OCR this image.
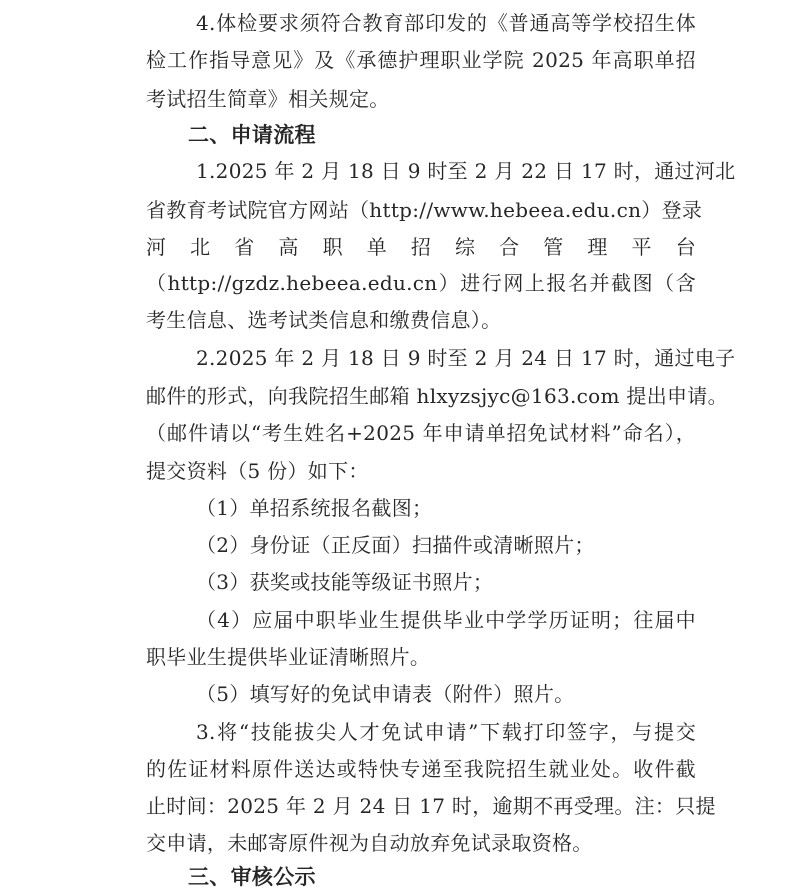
4.体检要求须符合教育部印发的《普通高等学校招生体
检工作指导意见》及《承德护理职业学院 2025 年高职单招
考试招生简章》相关规定。
二、申请流程
1.2025 年 2 月 18 日 9 时至 2 月 22 日 17 时，通过河北
省教育考试院官方网站（http://www.hebeea.edu.cn）登录
河 北 省 高 职 单 招 综 合 管 理 平 台
（http://gzdz.hebeea.edu.cn）进行网上报名并截图（含
考生信息、选考试类信息和缴费信息）。
2.2025 年 2 月 18 日 9 时至 2 月 24 日 17 时，通过电子
邮件的形式，向我院招生邮箱 hlxyzsjyc@163.com 提出申请。
（邮件请以“考生姓名+2025 年申请单招免试材料”命名），
提交资料（5 份）如下：
（1）单招系统报名截图；
（2）身份证（正反面）扫描件或清晰照片；
（3）获奖或技能等级证书照片；
（4）应届中职毕业生提供毕业中学学历证明；往届中
职毕业生提供毕业证清晰照片。
（5）填写好的免试申请表（附件）照片。
3.将“技能拔尖人才免试申请”下载打印签字，与提交
的佐证材料原件送达或特快专递至我院招生就业处。收件截
止时间：2025 年 2 月 24 日 17 时，逾期不再受理。注：只提
交申请，未邮寄原件视为自动放弃免试录取资格。
三、审核公示
